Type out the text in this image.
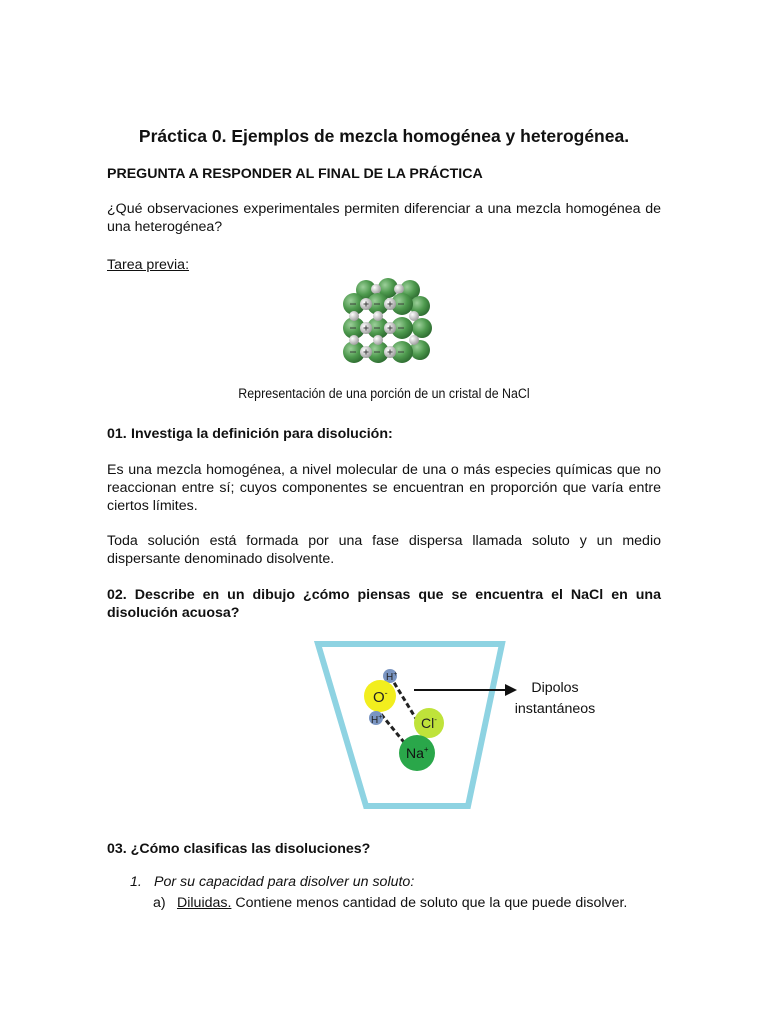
Práctica 0. Ejemplos de mezcla homogénea y heterogénea.
PREGUNTA A RESPONDER AL FINAL DE LA PRÁCTICA
¿Qué observaciones experimentales permiten diferenciar a una mezcla homogénea de una heterogénea?
Tarea previa:
Representación de una porción de un cristal de NaCl
01. Investiga la definición para disolución:
Es una mezcla homogénea, a nivel molecular de una o más especies químicas que no reaccionan entre sí; cuyos componentes se encuentran en proporción que varía entre ciertos límites.
Toda solución está formada por una fase dispersa llamada soluto y un medio dispersante denominado disolvente.
02. Describe en un dibujo ¿cómo piensas que se encuentra el NaCl en una disolución acuosa?
H+
O-
H+	Cl-
Na+
Dipolos
instantáneos
03. ¿Cómo clasificas las disoluciones?
1. Por su capacidad para disolver un soluto:
a) Diluidas. Contiene menos cantidad de soluto que la que puede disolver.
